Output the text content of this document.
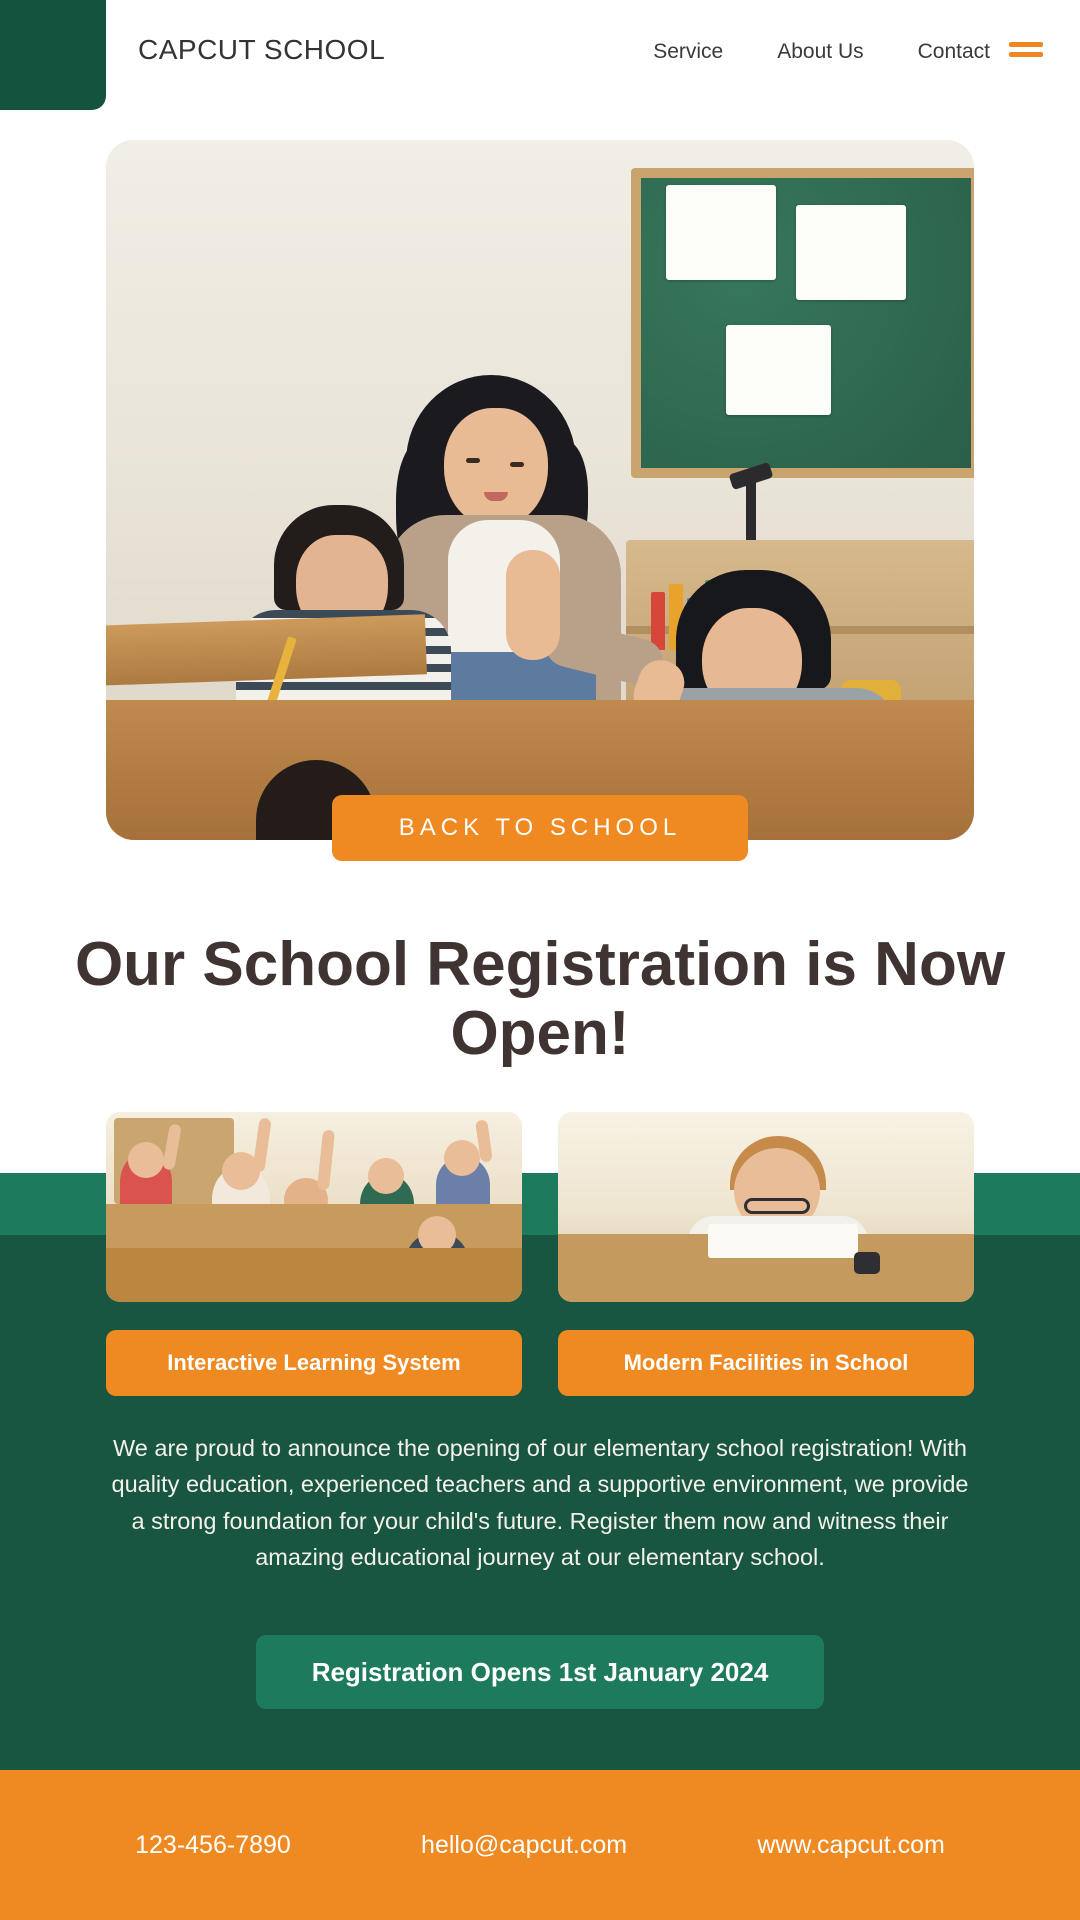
CAPCUT SCHOOL	Service	About Us	Contact
BACK TO SCHOOL
Our School Registration is Now Open!
Interactive Learning System	Modern Facilities in School
We are proud to announce the opening of our elementary school registration! With quality education, experienced teachers and a supportive environment, we provide a strong foundation for your child's future. Register them now and witness their amazing educational journey at our elementary school.
Registration Opens 1st January 2024
123-456-7890	hello@capcut.com	www.capcut.com
